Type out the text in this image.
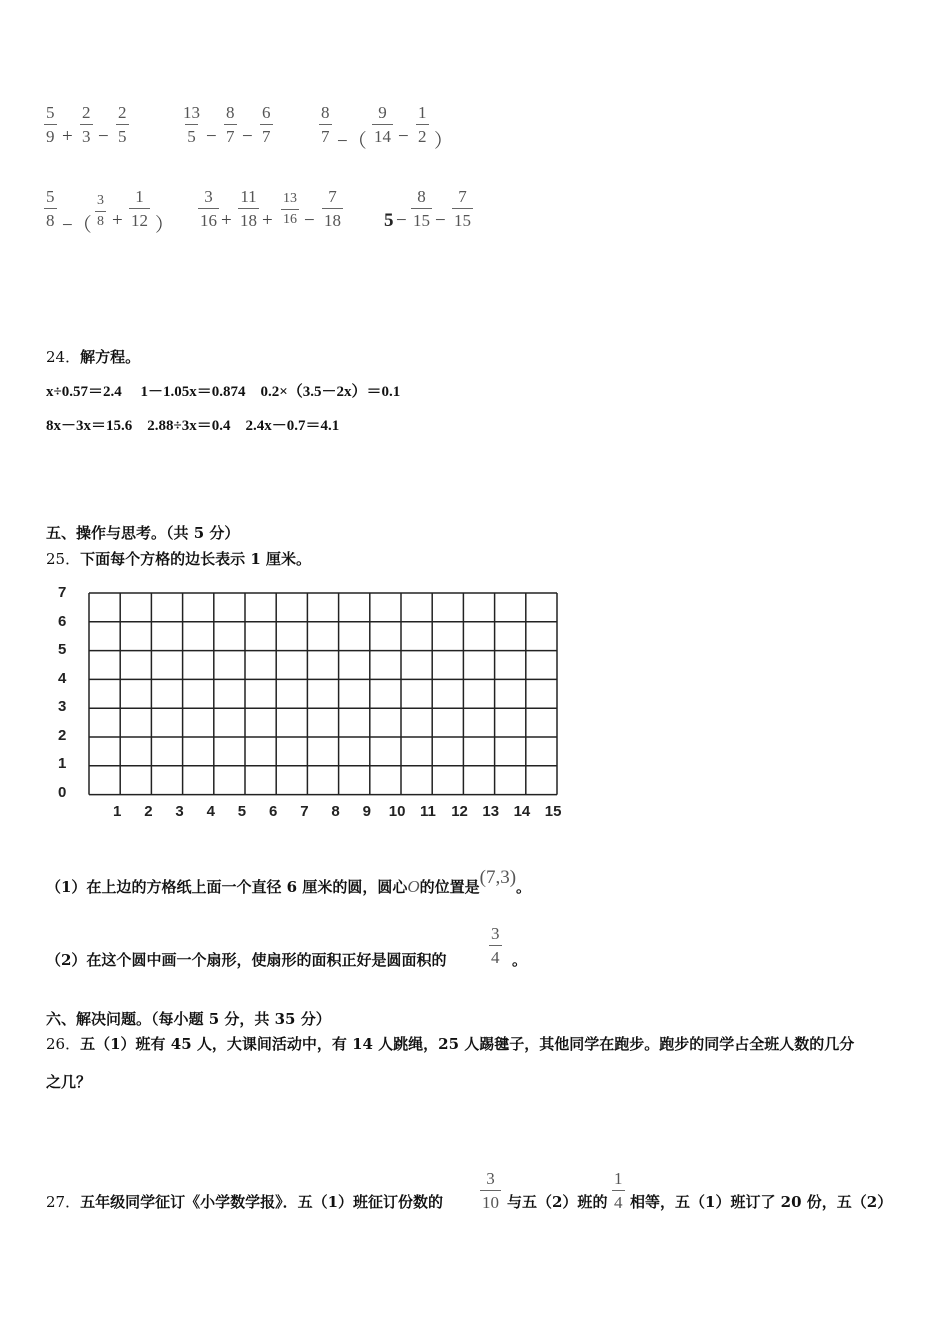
$\frac{5}{9} + \frac{2}{3} - \frac{2}{5}$	$\frac{13}{5} - \frac{8}{7} - \frac{6}{7}$	$\frac{8}{7}$ −（ $\frac{9}{14} - \frac{1}{2}$ ）
$\frac{5}{8}$ −（ $\frac{3}{8} + \frac{1}{12}$ ） $\frac{3}{16} + \frac{11}{18} + \frac{13}{16} - \frac{7}{18} 5 - \frac{8}{15} - \frac{7}{15}$
24．解方程。
x÷0.57＝2.4　 1－1.05x＝0.874　0.2×（3.5－2x）＝0.1
8x－3x＝15.6　2.88÷3x＝0.4　2.4x－0.7＝4.1
五、操作与思考。（共 5 分）
25．下面每个方格的边长表示 1 厘米。
7
6
5
4
3
2
1
0
1 2 3 4 5 6 7 8 9 10 11 12 13 14 15
（1）在上边的方格纸上面一个直径 6 厘米的圆，圆心O的位置是(7,3)。
（2）在这个圆中画一个扇形，使扇形的面积正好是圆面积的	$\frac{3}{4}$ 。
六、解决问题。（每小题 5 分，共 35 分）
26．五（1）班有 45 人，大课间活动中，有 14 人跳绳，25 人踢毽子，其他同学在跑步。跑步的同学占全班人数的几分
之几？
27．五年级同学征订《小学数学报》．五（1）班征订份数的 $\frac{3}{10}$ 与五（2）班的 $\frac{1}{4}$ 相等，五（1）班订了 20 份，五（2）
